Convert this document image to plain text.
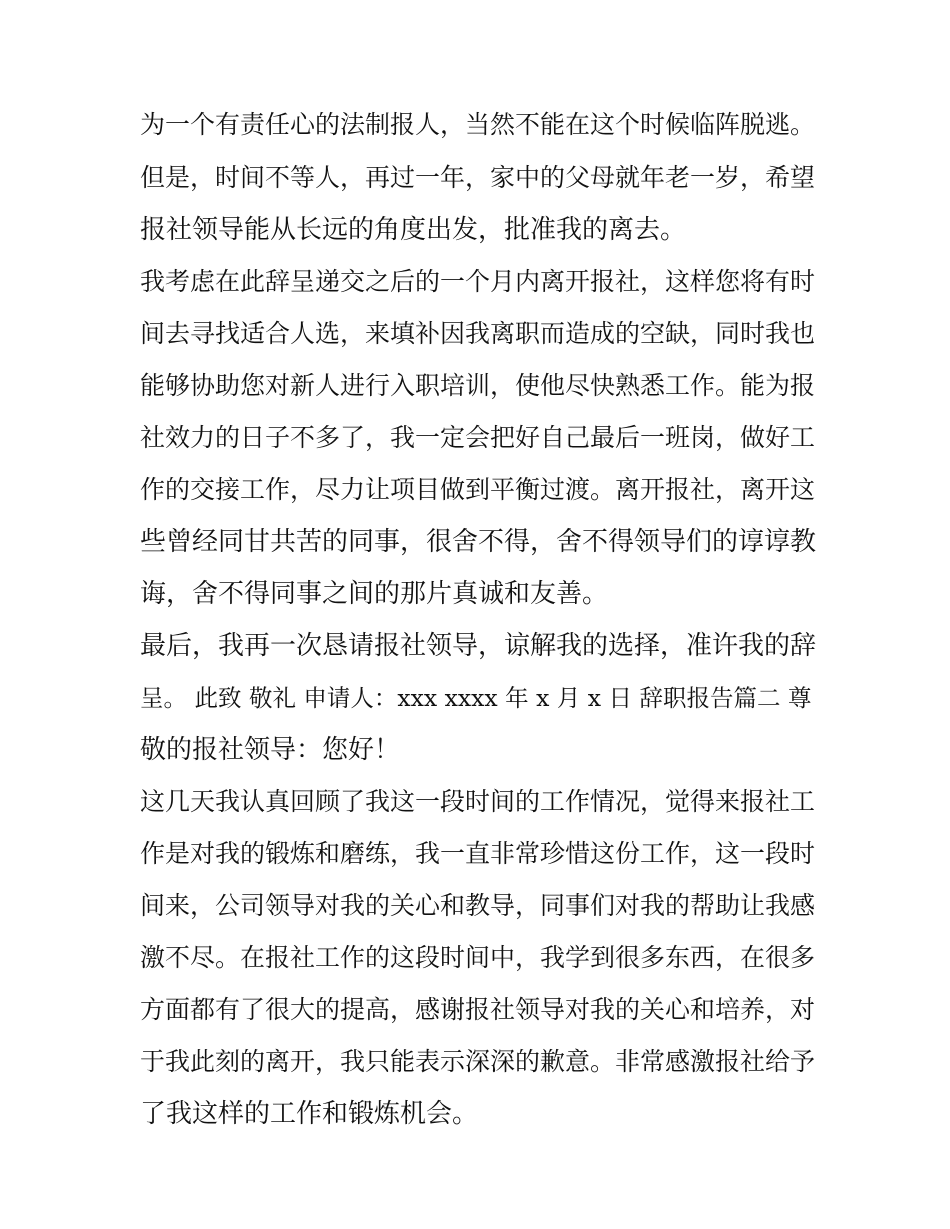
为一个有责任心的法制报人，当然不能在这个时候临阵脱逃。
但是，时间不等人，再过一年，家中的父母就年老一岁，希望
报社领导能从长远的角度出发，批准我的离去。
我考虑在此辞呈递交之后的一个月内离开报社，这样您将有时
间去寻找适合人选，来填补因我离职而造成的空缺，同时我也
能够协助您对新人进行入职培训，使他尽快熟悉工作。能为报
社效力的日子不多了，我一定会把好自己最后一班岗，做好工
作的交接工作，尽力让项目做到平衡过渡。离开报社，离开这
些曾经同甘共苦的同事，很舍不得，舍不得领导们的谆谆教
诲，舍不得同事之间的那片真诚和友善。
最后，我再一次恳请报社领导，谅解我的选择，准许我的辞
呈。 此致 敬礼 申请人：xxx xxxx 年 x 月 x 日 辞职报告篇二 尊
敬的报社领导：您好！
这几天我认真回顾了我这一段时间的工作情况，觉得来报社工
作是对我的锻炼和磨练，我一直非常珍惜这份工作，这一段时
间来，公司领导对我的关心和教导，同事们对我的帮助让我感
激不尽。在报社工作的这段时间中，我学到很多东西，在很多
方面都有了很大的提高，感谢报社领导对我的关心和培养，对
于我此刻的离开，我只能表示深深的歉意。非常感激报社给予
了我这样的工作和锻炼机会。
